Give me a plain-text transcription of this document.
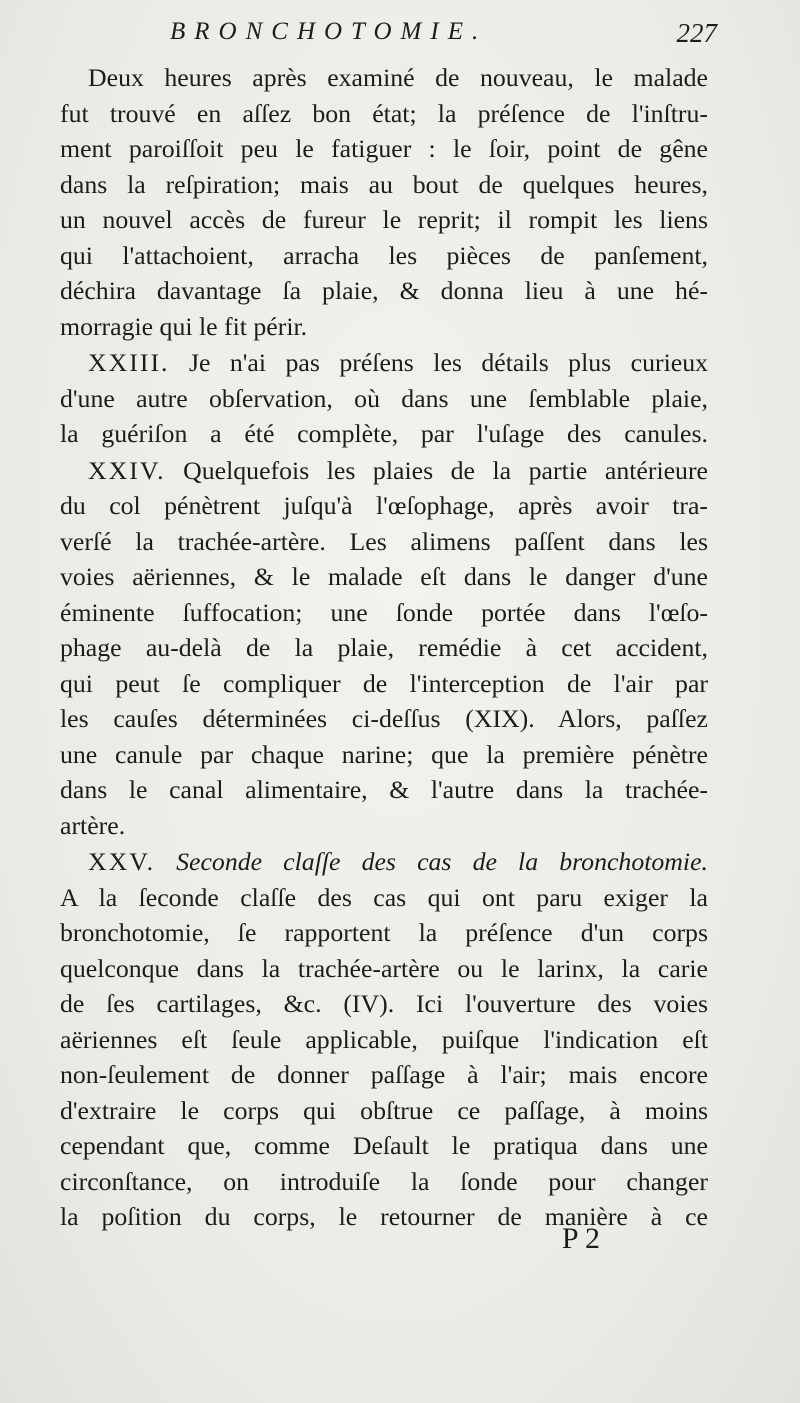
BRONCHOTOMIE.	227
Deux heures après examiné de nouveau, le malade
fut trouvé en aſſez bon état; la préſence de l'inſtru-
ment paroiſſoit peu le fatiguer : le ſoir, point de gêne
dans la reſpiration; mais au bout de quelques heures,
un nouvel accès de fureur le reprit; il rompit les liens
qui l'attachoient, arracha les pièces de panſement,
déchira davantage ſa plaie, & donna lieu à une hé-
morragie qui le fit périr.
XXIII. Je n'ai pas préſens les détails plus curieux
d'une autre obſervation, où dans une ſemblable plaie,
la guériſon a été complète, par l'uſage des canules.
XXIV. Quelquefois les plaies de la partie antérieure
du col pénètrent juſqu'à l'œſophage, après avoir tra-
verſé la trachée-artère. Les alimens paſſent dans les
voies aëriennes, & le malade eſt dans le danger d'une
éminente ſuffocation; une ſonde portée dans l'œſo-
phage au-delà de la plaie, remédie à cet accident,
qui peut ſe compliquer de l'interception de l'air par
les cauſes déterminées ci-deſſus (XIX). Alors, paſſez
une canule par chaque narine; que la première pénètre
dans le canal alimentaire, & l'autre dans la trachée-
artère.
XXV. Seconde claſſe des cas de la bronchotomie.
A la ſeconde claſſe des cas qui ont paru exiger la
bronchotomie, ſe rapportent la préſence d'un corps
quelconque dans la trachée-artère ou le larinx, la carie
de ſes cartilages, &c. (IV). Ici l'ouverture des voies
aëriennes eſt ſeule applicable, puiſque l'indication eſt
non-ſeulement de donner paſſage à l'air; mais encore
d'extraire le corps qui obſtrue ce paſſage, à moins
cependant que, comme Deſault le pratiqua dans une
circonſtance, on introduiſe la ſonde pour changer
la poſition du corps, le retourner de manière à ce
P 2
